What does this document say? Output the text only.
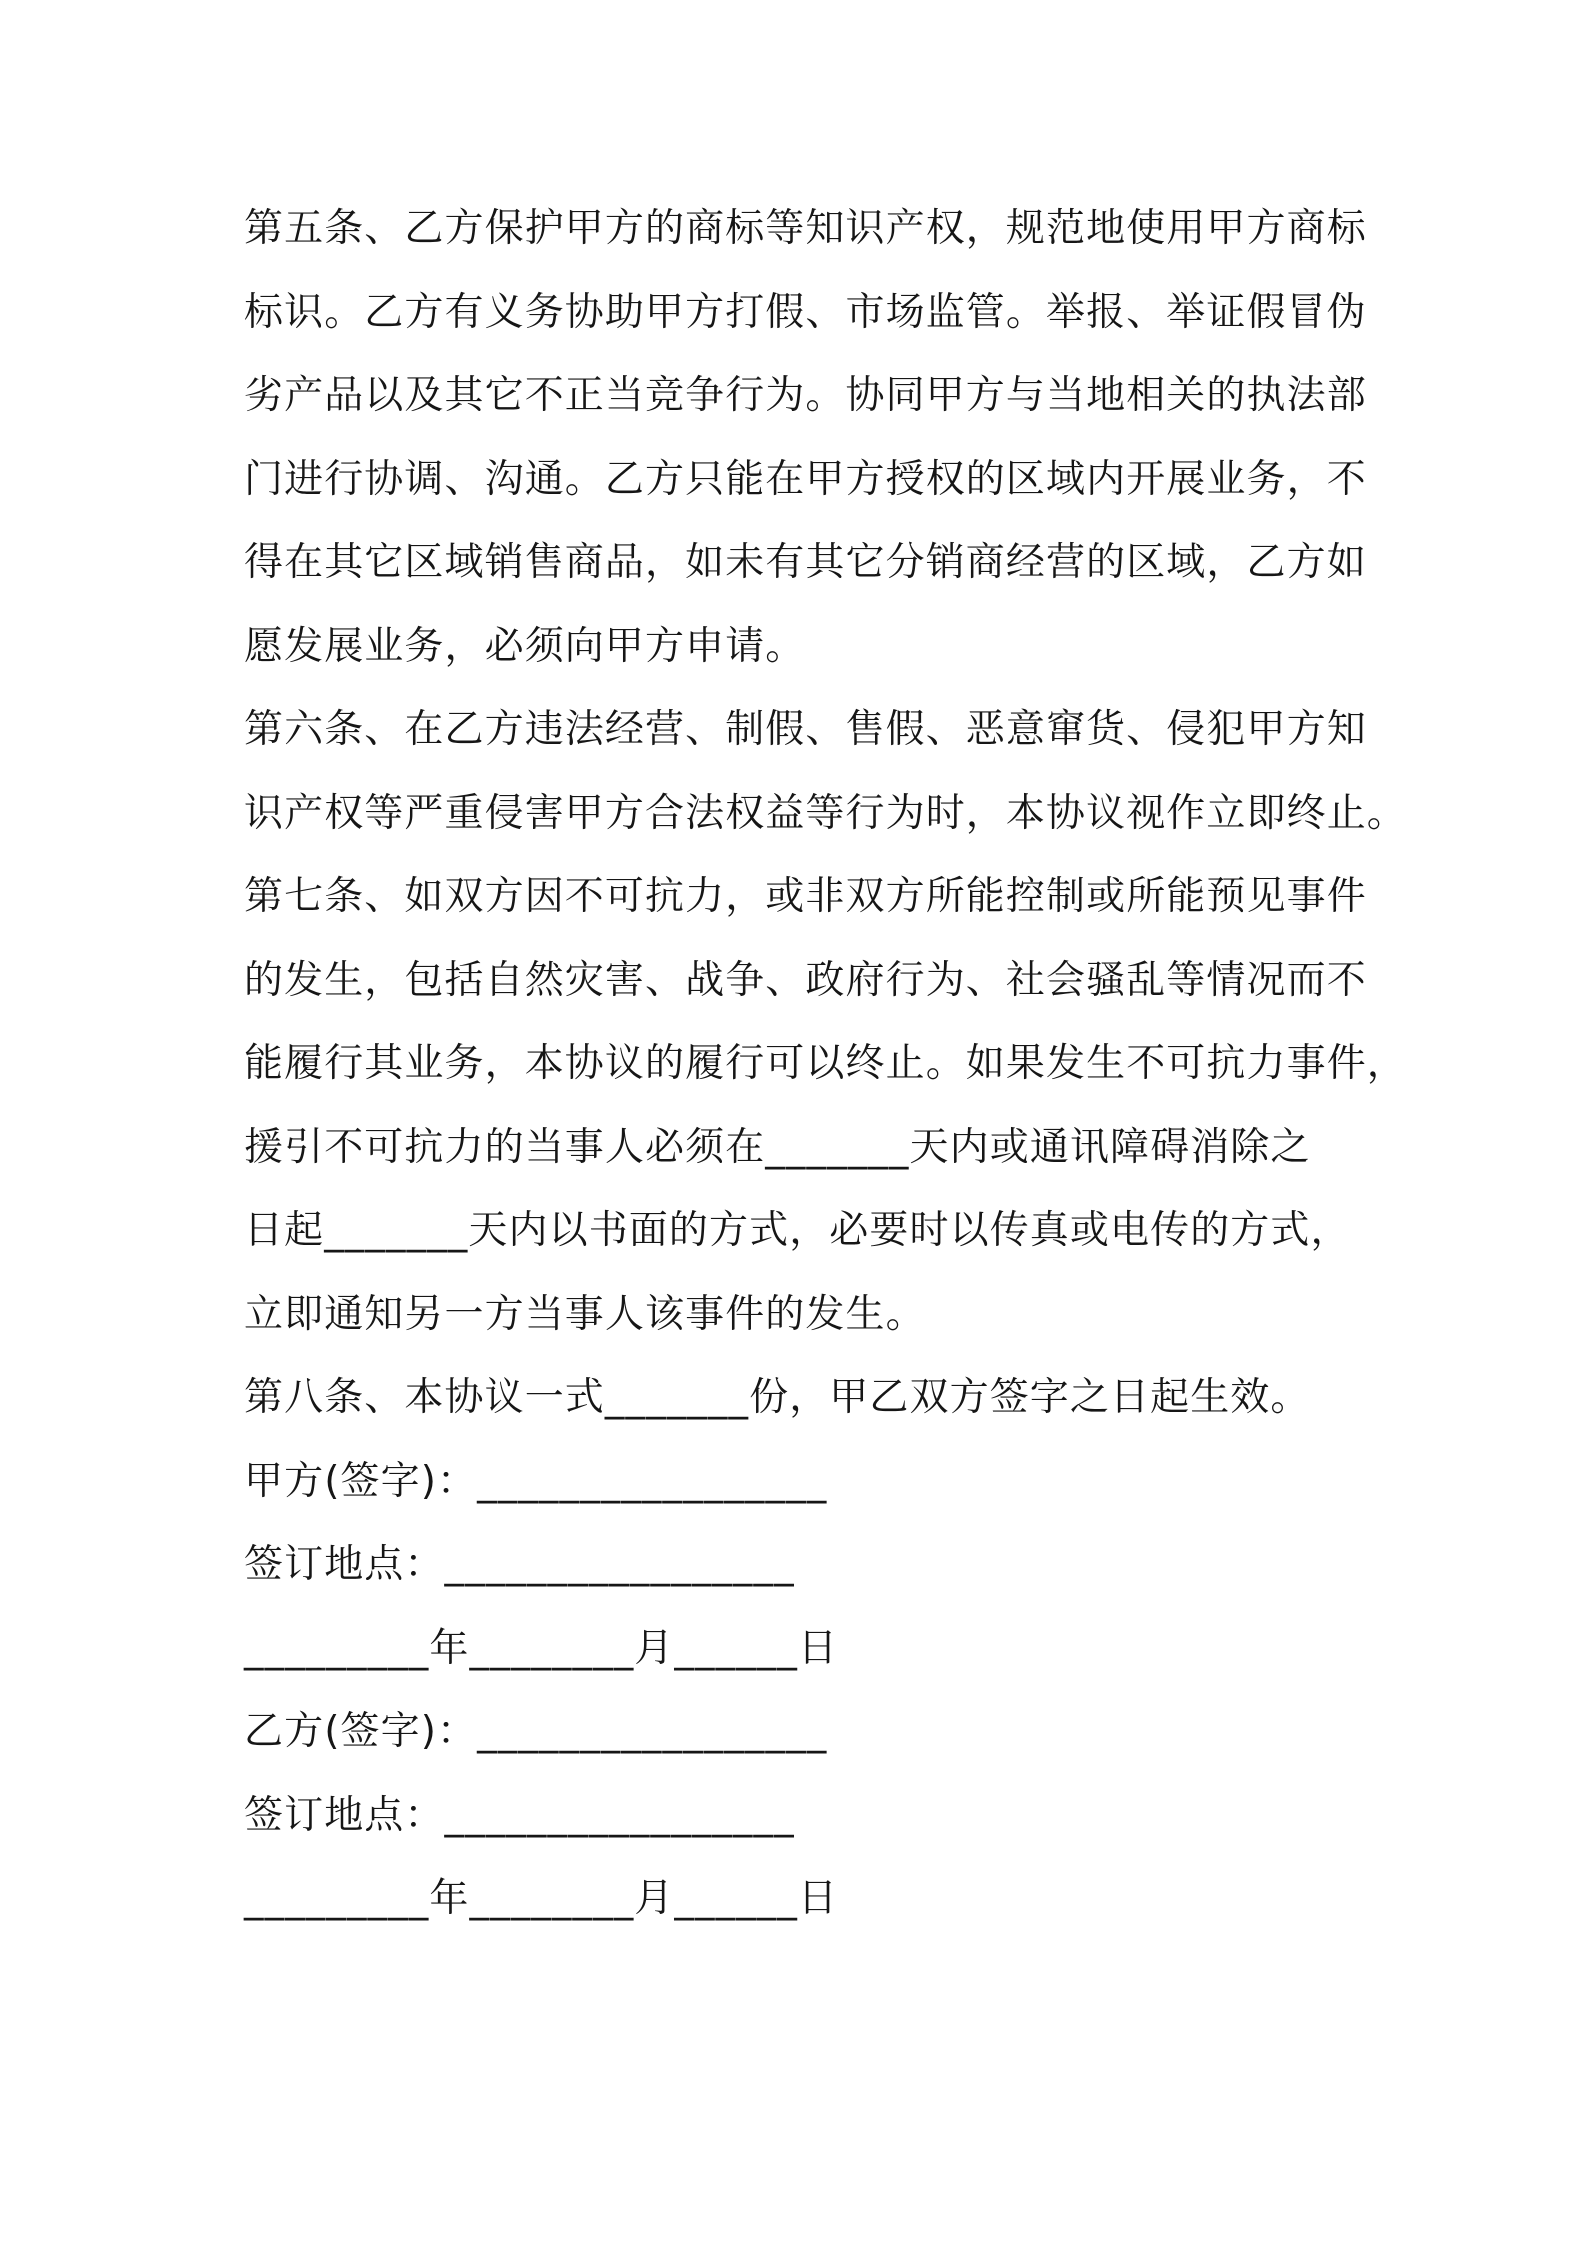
第五条、乙方保护甲方的商标等知识产权，规范地使用甲方商标
标识。乙方有义务协助甲方打假、市场监管。举报、举证假冒伪
劣产品以及其它不正当竞争行为。协同甲方与当地相关的执法部
门进行协调、沟通。乙方只能在甲方授权的区域内开展业务，不
得在其它区域销售商品，如未有其它分销商经营的区域，乙方如
愿发展业务，必须向甲方申请。
第六条、在乙方违法经营、制假、售假、恶意窜货、侵犯甲方知
识产权等严重侵害甲方合法权益等行为时，本协议视作立即终止。
第七条、如双方因不可抗力，或非双方所能控制或所能预见事件
的发生，包括自然灾害、战争、政府行为、社会骚乱等情况而不
能履行其业务，本协议的履行可以终止。如果发生不可抗力事件，
援引不可抗力的当事人必须在_______天内或通讯障碍消除之
日起_______天内以书面的方式，必要时以传真或电传的方式，
立即通知另一方当事人该事件的发生。
第八条、本协议一式_______份，甲乙双方签字之日起生效。
甲方(签字)：_________________
签订地点：_________________
_________年________月______日
乙方(签字)：_________________
签订地点：_________________
_________年________月______日
